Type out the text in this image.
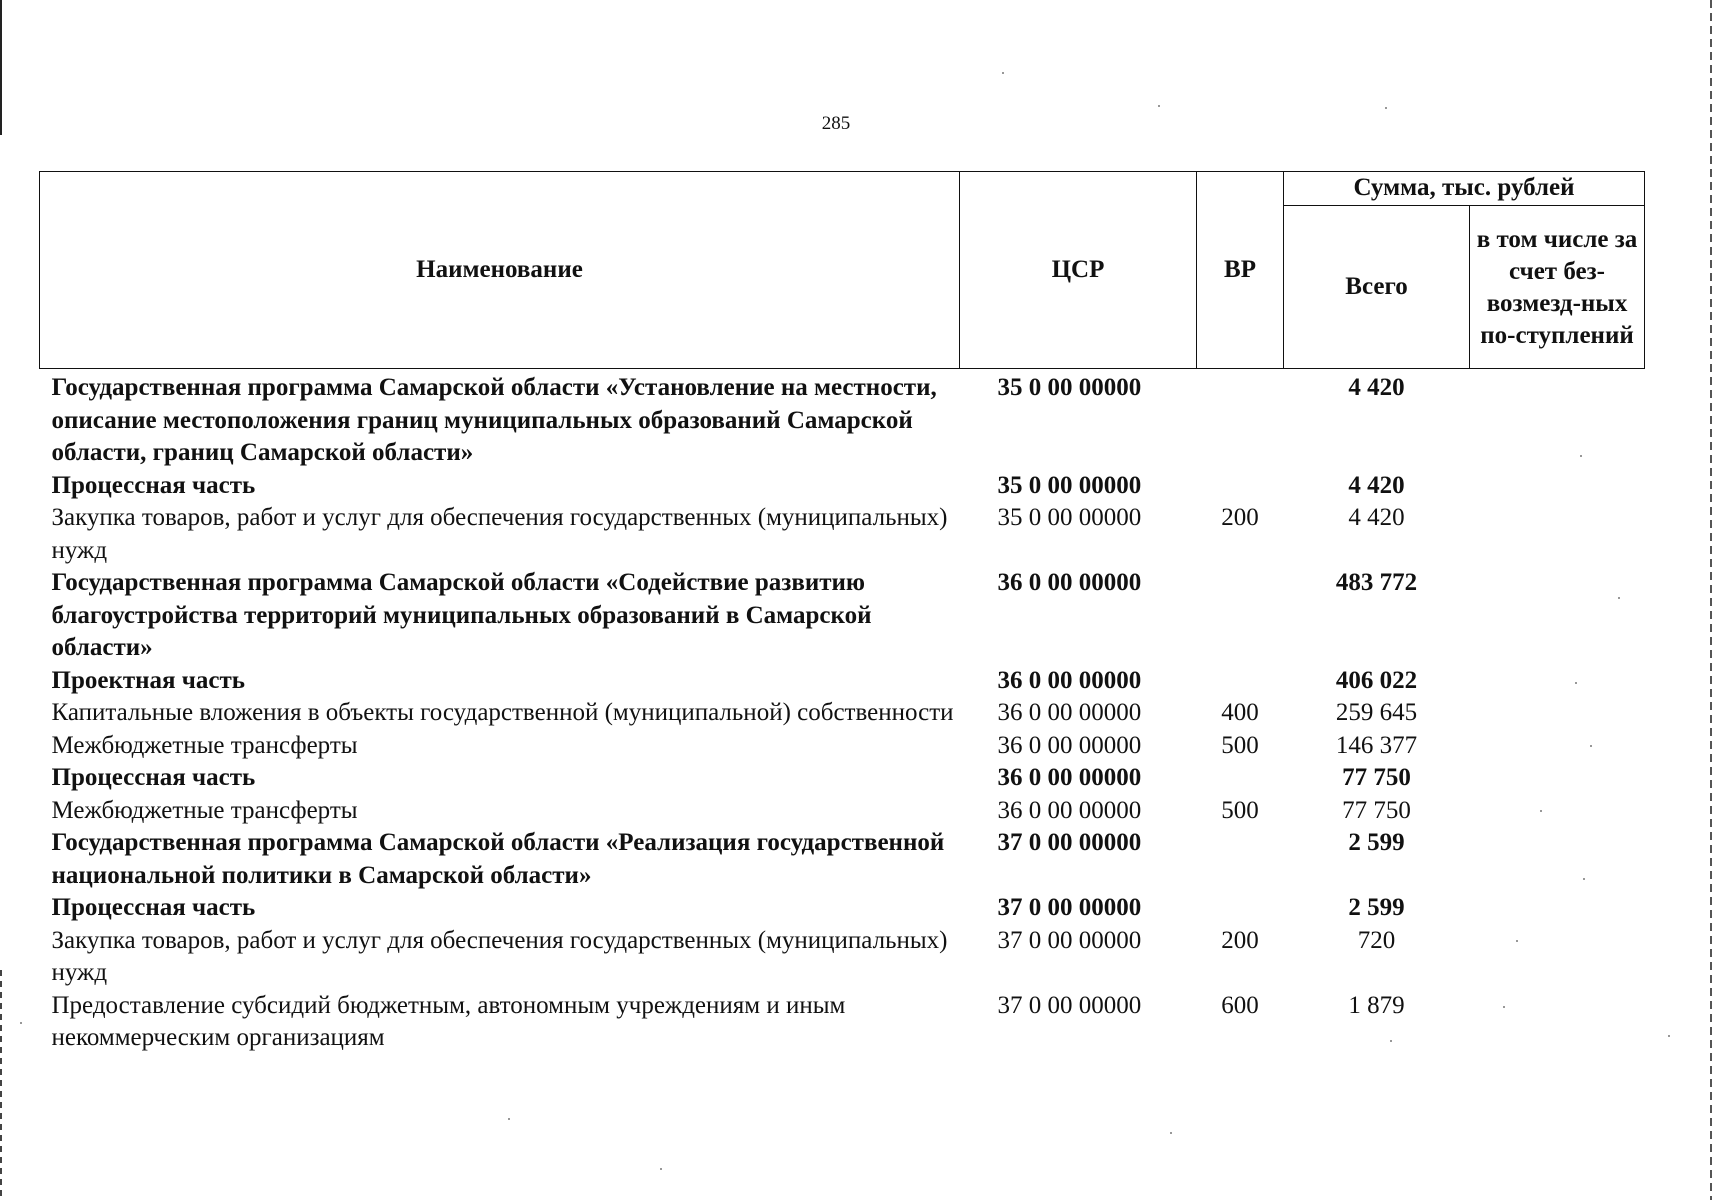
285
Наименование	ЦСР	ВР	Сумма, тыс. рублей	
			Всего	в том числе за счет без-возмезд-ных по-ступлений
Государственная программа Самарской области «Установление на местности, описание местоположения границ муниципальных образований Самарской области, границ Самарской области»	35 0 00 00000		4 420	
Процессная часть	35 0 00 00000		4 420	
Закупка товаров, работ и услуг для обеспечения государственных (муниципальных) нужд	35 0 00 00000	200	4 420	
Государственная программа Самарской области «Содействие развитию благоустройства территорий муниципальных образований в Самарской области»	36 0 00 00000		483 772	
Проектная часть	36 0 00 00000		406 022	
Капитальные вложения в объекты государственной (муниципальной) собственности	36 0 00 00000	400	259 645	
Межбюджетные трансферты	36 0 00 00000	500	146 377	
Процессная часть	36 0 00 00000		77 750	
Межбюджетные трансферты	36 0 00 00000	500	77 750	
Государственная программа Самарской области «Реализация государственной национальной политики в Самарской области»	37 0 00 00000		2 599	
Процессная часть	37 0 00 00000		2 599	
Закупка товаров, работ и услуг для обеспечения государственных (муниципальных) нужд	37 0 00 00000	200	720	
Предоставление субсидий бюджетным, автономным учреждениям и иным некоммерческим организациям	37 0 00 00000	600	1 879	
